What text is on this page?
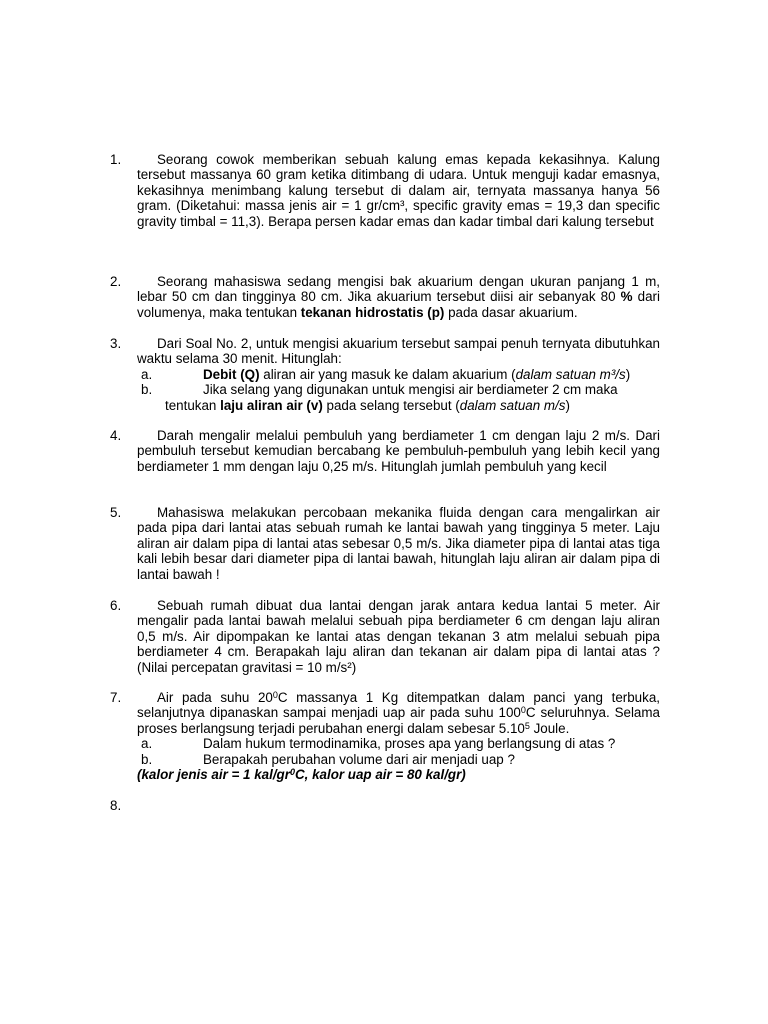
1.	Seorang cowok memberikan sebuah kalung emas kepada kekasihnya. Kalung tersebut massanya 60 gram ketika ditimbang di udara. Untuk menguji kadar emasnya, kekasihnya menimbang kalung tersebut di dalam air, ternyata massanya hanya 56 gram. (Diketahui: massa jenis air = 1 gr/cm³, specific gravity emas = 19,3 dan specific gravity timbal = 11,3). Berapa persen kadar emas dan kadar timbal dari kalung tersebut

2.	Seorang mahasiswa sedang mengisi bak akuarium dengan ukuran panjang 1 m, lebar 50 cm dan tingginya 80 cm. Jika akuarium tersebut diisi air sebanyak 80 % dari volumenya, maka tentukan tekanan hidrostatis (p) pada dasar akuarium.

3.	Dari Soal No. 2, untuk mengisi akuarium tersebut sampai penuh ternyata dibutuhkan waktu selama 30 menit. Hitunglah:

a.	Debit (Q) aliran air yang masuk ke dalam akuarium (dalam satuan m³/s)
b.	Jika selang yang digunakan untuk mengisi air berdiameter 2 cm maka
tentukan laju aliran air (v) pada selang tersebut (dalam satuan m/s)
4.	Darah mengalir melalui pembuluh yang berdiameter 1 cm dengan laju 2 m/s. Dari pembuluh tersebut kemudian bercabang ke pembuluh-pembuluh yang lebih kecil yang berdiameter 1 mm dengan laju 0,25 m/s. Hitunglah jumlah pembuluh yang kecil

5.	Mahasiswa melakukan percobaan mekanika fluida dengan cara mengalirkan air pada pipa dari lantai atas sebuah rumah ke lantai bawah yang tingginya 5 meter. Laju aliran air dalam pipa di lantai atas sebesar 0,5 m/s. Jika diameter pipa di lantai atas tiga kali lebih besar dari diameter pipa di lantai bawah, hitunglah laju aliran air dalam pipa di lantai bawah !

6.	Sebuah rumah dibuat dua lantai dengan jarak antara kedua lantai 5 meter. Air mengalir pada lantai bawah melalui sebuah pipa berdiameter 6 cm dengan laju aliran 0,5 m/s. Air dipompakan ke lantai atas dengan tekanan 3 atm melalui sebuah pipa berdiameter 4 cm. Berapakah laju aliran dan tekanan air dalam pipa di lantai atas ? (Nilai percepatan gravitasi = 10 m/s²)

7.	Air pada suhu $20^0C$ massanya 1 Kg ditempatkan dalam panci yang terbuka, selanjutnya dipanaskan sampai menjadi uap air pada suhu $100^0C$ seluruhnya. Selama proses berlangsung terjadi perubahan energi dalam sebesar 5.10$^5$ Joule.

a.	Dalam hukum termodinamika, proses apa yang berlangsung di atas ?
b.	Berapakah perubahan volume dari air menjadi uap ?
(kalor jenis air = 1 kal/$gr^0C$, kalor uap air = 80 kal/gr)
8.
